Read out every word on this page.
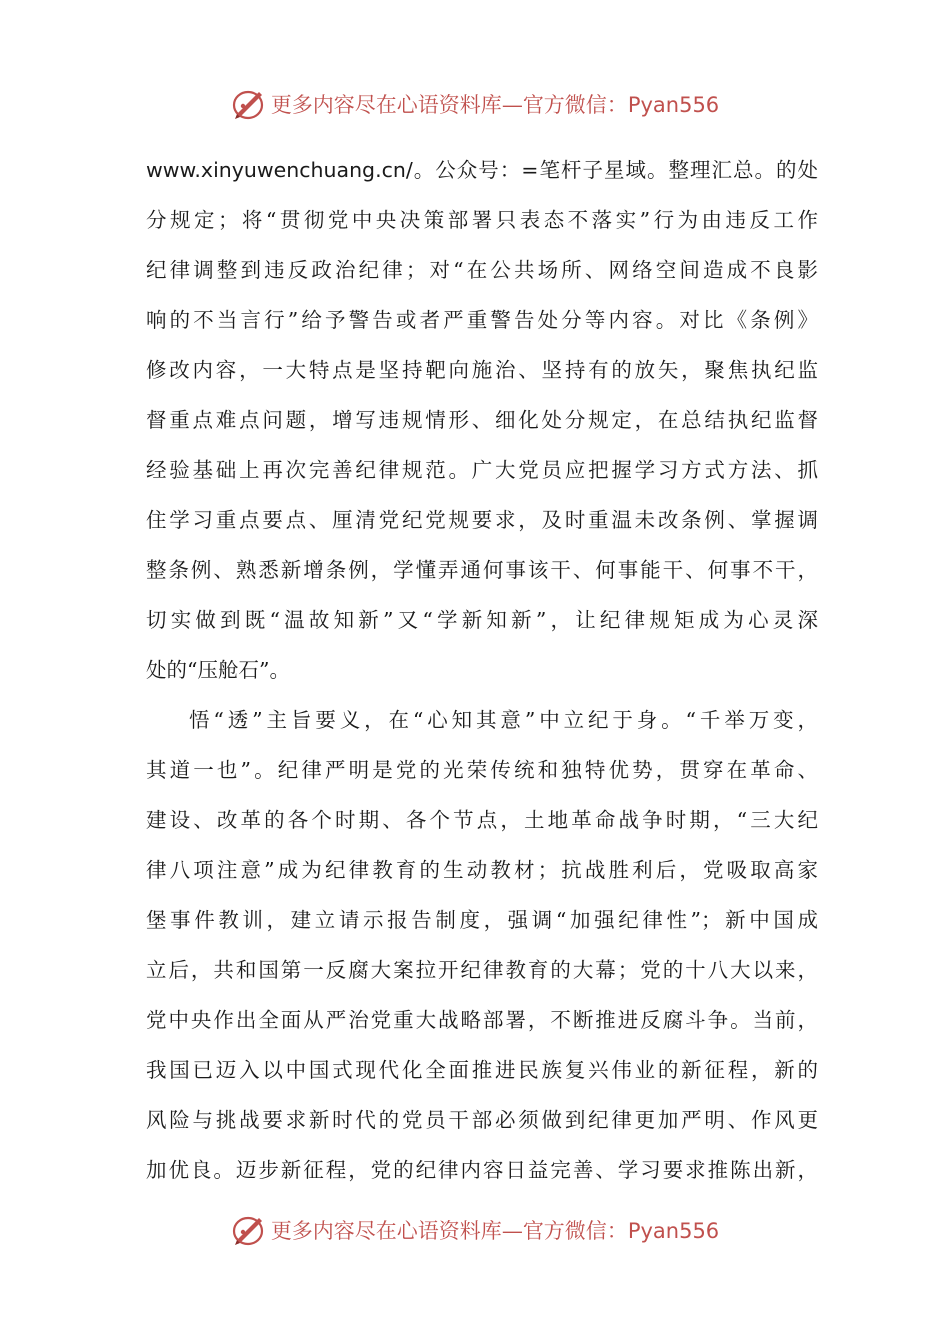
更多内容尽在心语资料库—官方微信：Pyan556
www.xinyuwenchuang.cn/。公众号：=笔杆子星域。整理汇总。的处
分规定；将“贯彻党中央决策部署只表态不落实”行为由违反工作
纪律调整到违反政治纪律；对“在公共场所、网络空间造成不良影
响的不当言行”给予警告或者严重警告处分等内容。对比《条例》
修改内容，一大特点是坚持靶向施治、坚持有的放矢，聚焦执纪监
督重点难点问题，增写违规情形、细化处分规定，在总结执纪监督
经验基础上再次完善纪律规范。广大党员应把握学习方式方法、抓
住学习重点要点、厘清党纪党规要求，及时重温未改条例、掌握调
整条例、熟悉新增条例，学懂弄通何事该干、何事能干、何事不干，
切实做到既“温故知新”又“学新知新”，让纪律规矩成为心灵深
处的“压舱石”。
悟“透”主旨要义，在“心知其意”中立纪于身。“千举万变，
其道一也”。纪律严明是党的光荣传统和独特优势，贯穿在革命、
建设、改革的各个时期、各个节点，土地革命战争时期，“三大纪
律八项注意”成为纪律教育的生动教材；抗战胜利后，党吸取高家
堡事件教训，建立请示报告制度，强调“加强纪律性”；新中国成
立后，共和国第一反腐大案拉开纪律教育的大幕；党的十八大以来，
党中央作出全面从严治党重大战略部署，不断推进反腐斗争。当前，
我国已迈入以中国式现代化全面推进民族复兴伟业的新征程，新的
风险与挑战要求新时代的党员干部必须做到纪律更加严明、作风更
加优良。迈步新征程，党的纪律内容日益完善、学习要求推陈出新，
更多内容尽在心语资料库—官方微信：Pyan556
